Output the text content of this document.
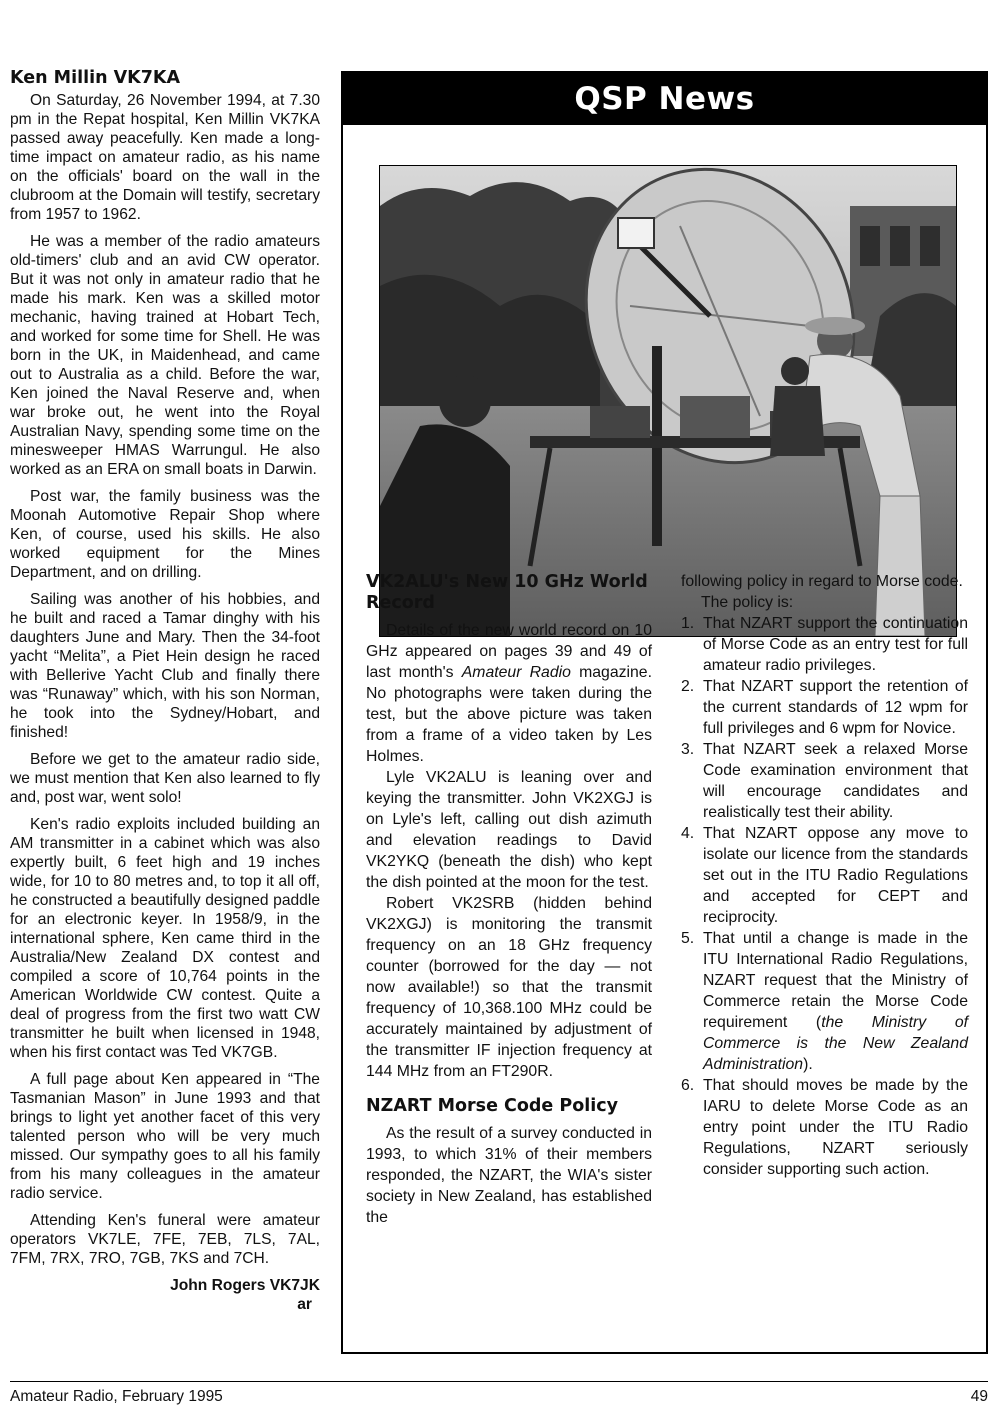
Ken Millin VK7KA

On Saturday, 26 November 1994, at 7.30 pm in the Repat hospital, Ken Millin VK7KA passed away peacefully. Ken made a long-time impact on amateur radio, as his name on the officials' board on the wall in the clubroom at the Domain will testify, secretary from 1957 to 1962.

He was a member of the radio amateurs old-timers' club and an avid CW operator. But it was not only in amateur radio that he made his mark. Ken was a skilled motor mechanic, having trained at Hobart Tech, and worked for some time for Shell. He was born in the UK, in Maidenhead, and came out to Australia as a child. Before the war, Ken joined the Naval Reserve and, when war broke out, he went into the Royal Australian Navy, spending some time on the minesweeper HMAS Warrungul. He also worked as an ERA on small boats in Darwin.

Post war, the family business was the Moonah Automotive Repair Shop where Ken, of course, used his skills. He also worked equipment for the Mines Department, and on drilling.

Sailing was another of his hobbies, and he built and raced a Tamar dinghy with his daughters June and Mary. Then the 34-foot yacht “Melita”, a Piet Hein design he raced with Bellerive Yacht Club and finally there was “Runaway” which, with his son Norman, he took into the Sydney/Hobart, and finished!

Before we get to the amateur radio side, we must mention that Ken also learned to fly and, post war, went solo!

Ken's radio exploits included building an AM transmitter in a cabinet which was also expertly built, 6 feet high and 19 inches wide, for 10 to 80 metres and, to top it all off, he constructed a beautifully designed paddle for an electronic keyer. In 1958/9, in the international sphere, Ken came third in the Australia/New Zealand DX contest and compiled a score of 10,764 points in the American Worldwide CW contest. Quite a deal of progress from the first two watt CW transmitter he built when licensed in 1948, when his first contact was Ted VK7GB.

A full page about Ken appeared in “The Tasmanian Mason” in June 1993 and that brings to light yet another facet of this very talented person who will be very much missed. Our sympathy goes to all his family from his many colleagues in the amateur radio service.

Attending Ken's funeral were amateur operators VK7LE, 7FE, 7EB, 7LS, 7AL, 7FM, 7RX, 7RO, 7GB, 7KS and 7CH.

John Rogers VK7JK

ar

QSP News
VK2ALU's New 10 GHz World Record

Details of the new world record on 10 GHz appeared on pages 39 and 49 of last month's Amateur Radio magazine. No photographs were taken during the test, but the above picture was taken from a frame of a video taken by Les Holmes.

Lyle VK2ALU is leaning over and keying the transmitter. John VK2XGJ is on Lyle's left, calling out dish azimuth and elevation readings to David VK2YKQ (beneath the dish) who kept the dish pointed at the moon for the test.

Robert VK2SRB (hidden behind VK2XGJ) is monitoring the transmit frequency on an 18 GHz frequency counter (borrowed for the day — not now available!) so that the transmit frequency of 10,368.100 MHz could be accurately maintained by adjustment of the transmitter IF injection frequency at 144 MHz from an FT290R.

NZART Morse Code Policy

As the result of a survey conducted in 1993, to which 31% of their members responded, the NZART, the WIA's sister society in New Zealand, has established the

following policy in regard to Morse code.

The policy is:

1. That NZART support the continuation of Morse Code as an entry test for full amateur radio privileges.
2. That NZART support the retention of the current standards of 12 wpm for full privileges and 6 wpm for Novice.
3. That NZART seek a relaxed Morse Code examination environment that will encourage candidates and realistically test their ability.
4. That NZART oppose any move to isolate our licence from the standards set out in the ITU Radio Regulations and accepted for CEPT and reciprocity.
5. That until a change is made in the ITU International Radio Regulations, NZART request that the Ministry of Commerce retain the Morse Code requirement (the Ministry of Commerce is the New Zealand Administration).
6. That should moves be made by the IARU to delete Morse Code as an entry point under the ITU Radio Regulations, NZART seriously consider supporting such action.
Amateur Radio, February 1995	49
